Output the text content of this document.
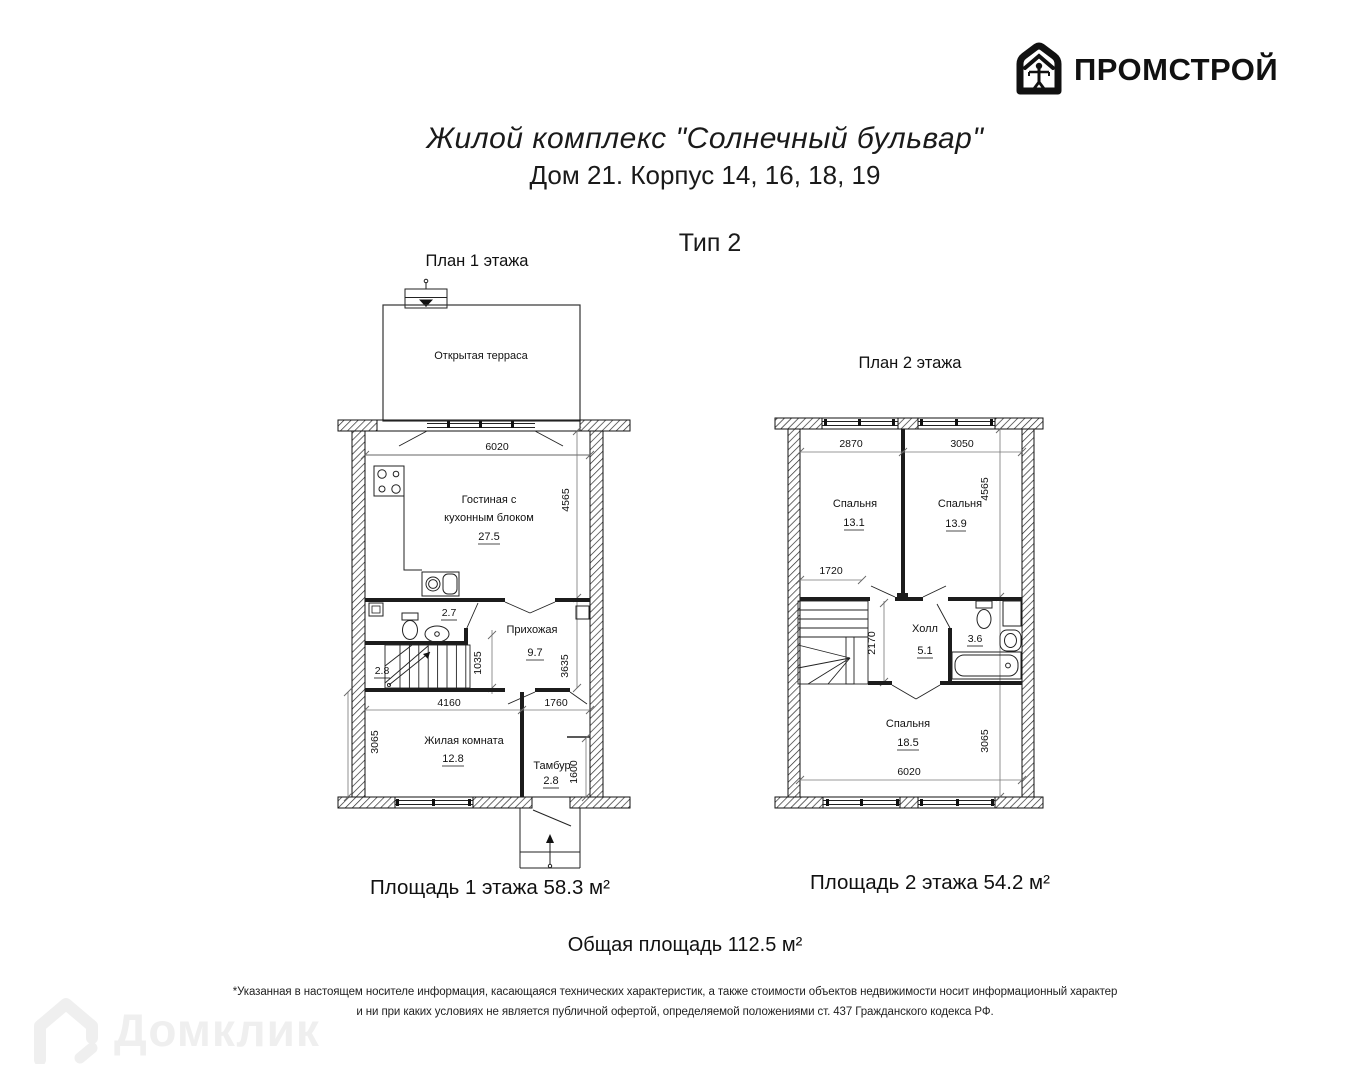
ПРОМСТРОЙ
Жилой комплекс "Солнечный бульвар"
Дом 21. Корпус 14, 16, 18, 19
Тип 2
План 1 этажа
Открытая терраса
6020
4565
3635
Гостиная с
кухонным блоком
27.5
2.7
2.8	1035
Прихожая
9.7
4160	1760
3065	Жилая комната
12.8
Тамбур
2.8 1600
План 2 этажа
2870	3050
4565
3065
Спальня
13.1
Спальня
13.9
1720
2170
Холл
5.1
3.6
Спальня
18.5
6020
Площадь 1 этажа 58.3 м²	Площадь 2 этажа 54.2 м²
Общая площадь 112.5 м²
*Указанная в настоящем носителе информация, касающаяся технических характеристик, а также стоимости объектов недвижимости носит информационный характер
и ни при каких условиях не является публичной офертой, определяемой положениями ст. 437 Гражданского кодекса РФ.
Домклик
